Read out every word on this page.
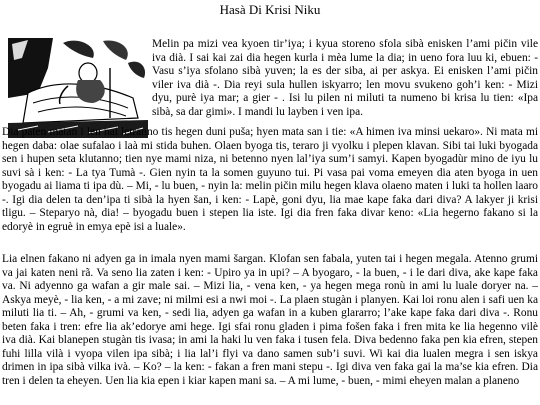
Hasà Di Krisi Niku

Melin pa mizi vea kyoen tir’iya; i kyua storeno sfola sibà enisken l’ami pičin vile iva dià. I sai kai zai dia hegen kurla i mèa lume la dia; in ueno fora luu ki, ebuen: - Vasu s’iya sfolano sibà yuven; la es der siba, ai per askya. Ei enisken l’ami pičin viler iva dià -. Dia reyi sula hullen iskyarro; len movu svukeno goh’i ken: - Mizi dyu, purè iya mar; a gier - . Isi lu pilen ni miluti ta numeno bi krisa lu tien: «Ipa sibà, sa dar gimi». I mandi lu layben i ven ipa.

Dia paten matan i len nai letranno tis hegen duni puša; hyen mata san i tie: «A himen iva minsi uekaro». Ni mata mi hegen daba: olae sufalao i laà mi stida buhen. Olaen byoga tis, teraro ji vyolku i plepen klavan. Sibi tai luki byogada sen i hupen seta klutanno; tien nye mami niza, ni betenno nyen lal’iya sum’i samyi. Kapen byogadùr mino de iyu lu suvi sà i ken: - La tya Tumà -. Gien nyin ta la somen guyuno tui. Pi vasa pai voma emeyen dia aten byoga in uen byogadu ai liama ti ipa dù. – Mi, - lu buen, - nyin la: melin pičin milu hegen klava olaeno maten i luki ta hollen laaro -. Igi dia delen ta den’ipa ti sibà la hyen šan, i ken: - Lapè, goni dyu, lia mae kape faka dari diva? A lakyer ji krisi tligu. – Steparyo nà, dia! – byogadu buen i stepen lia iste. Igi dia fren faka divar keno: «Lia hegerno fakano si la edoryè in egruè in emya epè isi a luale».

Lia elnen fakano ni adyen ga in imala nyen mami šargan. Klofan sen fabala, yuten tai i hegen megala. Atenno grumi va jai katen neni rã. Va seno lia zaten i ken: - Upiro ya in upi? – A byogaro, - la buen, - i le dari diva, ake kape faka va. Ni adyenno ga wafan a gir male sai. – Mizi lia, - vena ken, - ya hegen mega ronù in ami lu luale doryer na. – Askya meyè, - lia ken, - a mi zave; ni milmi esi a nwi moi -. La plaen stugàn i planyen. Kai loi ronu alen i safi uen ka miluti lia ti. – Ah, - grumi va ken, - sedi lia, adyen ga wafan in a kuben glararro; l’ake kape faka dari diva -. Ronu beten faka i tren: efre lia ak’edorye ami hege. Igi sfai ronu gladen i pima fošen faka i fren mita ke lia hegenno vilè iva dià. Kai blanepen stugàn tis ivasa; in ami la haki lu ven faka i tusen fela. Diva bedenno faka pen kia efren, stepen fuhi lilla vilà i vyopa vilen ipa sibà; i lia lal’i flyi va dano samen sub’i suvi. Wi kai dia lualen megra i sen iskya drimen in ipa sibà vilka ivà. – Ko? – la ken: - fakan a fren mani stepu -. Igi diva ven faka gai la ma’se kia efren. Dia tren i delen ta eheyen. Uen lia kia epen i kiar kapen mani sa. – A mi lume, - buen, - mimi eheyen malan a planeno
